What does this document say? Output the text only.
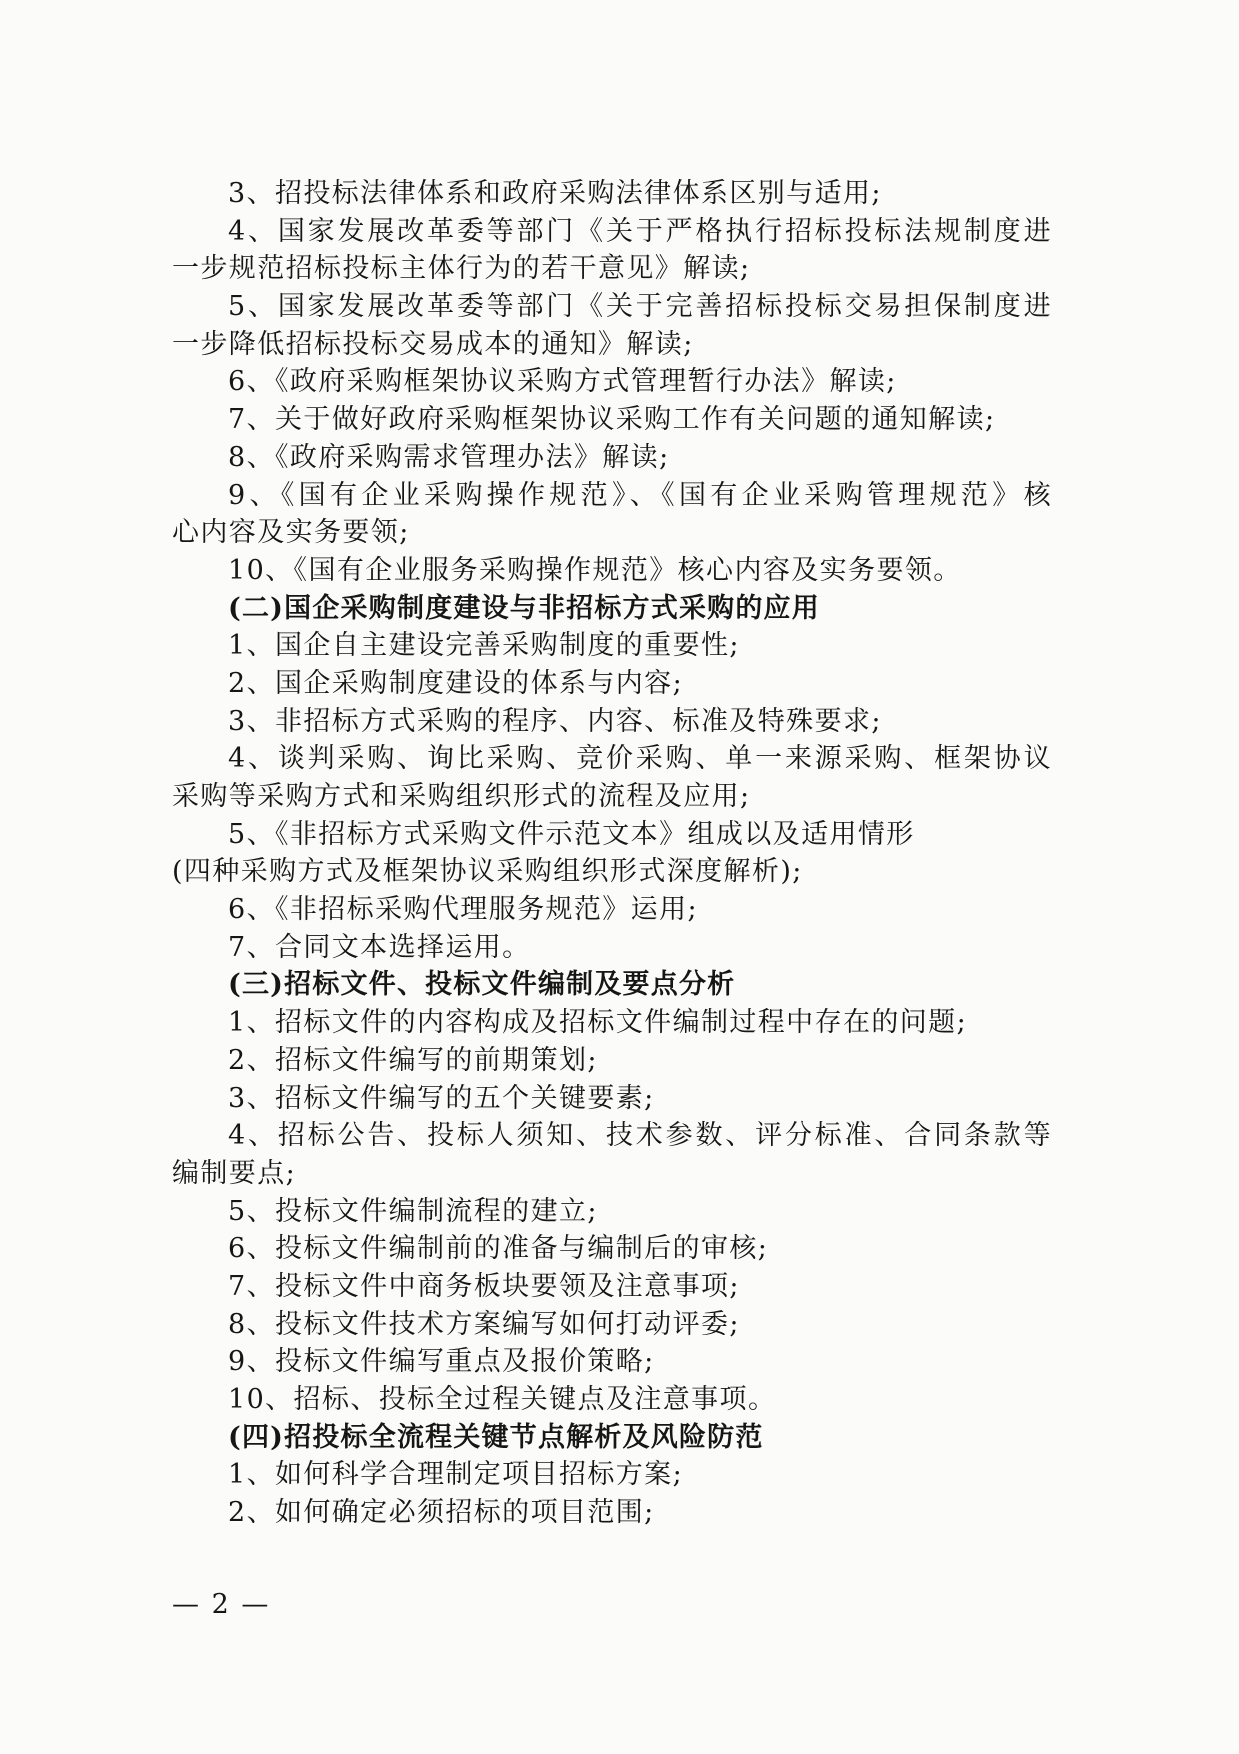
3、招投标法律体系和政府采购法律体系区别与适用;
4、国家发展改革委等部门《关于严格执行招标投标法规制度进
一步规范招标投标主体行为的若干意见》解读;
5、国家发展改革委等部门《关于完善招标投标交易担保制度进
一步降低招标投标交易成本的通知》解读;
6、《政府采购框架协议采购方式管理暂行办法》解读;
7、关于做好政府采购框架协议采购工作有关问题的通知解读;
8、《政府采购需求管理办法》解读;
9、《国有企业采购操作规范》、《国有企业采购管理规范》核
心内容及实务要领;
10、《国有企业服务采购操作规范》核心内容及实务要领。
(二)国企采购制度建设与非招标方式采购的应用
1、国企自主建设完善采购制度的重要性;
2、国企采购制度建设的体系与内容;
3、非招标方式采购的程序、内容、标准及特殊要求;
4、谈判采购、询比采购、竞价采购、单一来源采购、框架协议
采购等采购方式和采购组织形式的流程及应用;
5、《非招标方式采购文件示范文本》组成以及适用情形
(四种采购方式及框架协议采购组织形式深度解析);
6、《非招标采购代理服务规范》运用;
7、合同文本选择运用。
(三)招标文件、投标文件编制及要点分析
1、招标文件的内容构成及招标文件编制过程中存在的问题;
2、招标文件编写的前期策划;
3、招标文件编写的五个关键要素;
4、招标公告、投标人须知、技术参数、评分标准、合同条款等
编制要点;
5、投标文件编制流程的建立;
6、投标文件编制前的准备与编制后的审核;
7、投标文件中商务板块要领及注意事项;
8、投标文件技术方案编写如何打动评委;
9、投标文件编写重点及报价策略;
10、招标、投标全过程关键点及注意事项。
(四)招投标全流程关键节点解析及风险防范
1、如何科学合理制定项目招标方案;
2、如何确定必须招标的项目范围;
— 2 —
